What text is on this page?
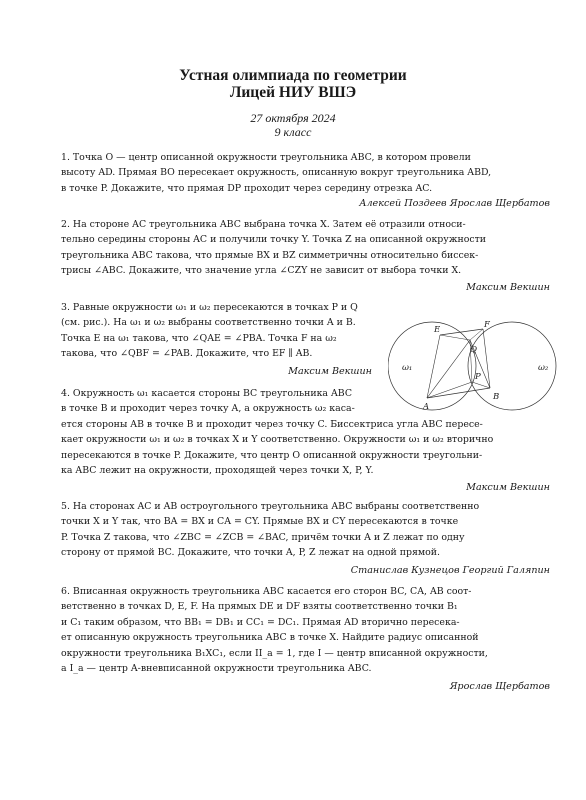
Устная олимпиада по геометрии
Лицей НИУ ВШЭ
27 октября 2024
9 класс
1. Точка O — центр описанной окружности треугольника ABC, в котором провели
высоту AD. Прямая BO пересекает окружность, описанную вокруг треугольника ABD,
в точке P. Докажите, что прямая DP проходит через середину отрезка AC.
Алексей Поздеев Ярослав Щербатов
2. На стороне AC треугольника ABC выбрана точка X. Затем её отразили относи-
тельно середины стороны AC и получили точку Y. Точка Z на описанной окружности
треугольника ABC такова, что прямые BX и BZ симметричны относительно биссек-
трисы ∠ABC. Докажите, что значение угла ∠CZY не зависит от выбора точки X.
Максим Векшин
3. Равные окружности ω₁ и ω₂ пересекаются в точках P и Q
(см. рис.). На ω₁ и ω₂ выбраны соответственно точки A и B.
Точка E на ω₁ такова, что ∠QAE = ∠PBA. Точка F на ω₂
такова, что ∠QBF = ∠PAB. Докажите, что EF ∥ AB.
Максим Векшин
E	F
Q
P
A
B
ω₁	ω₂
4. Окружность ω₁ касается стороны BC треугольника ABC
в точке B и проходит через точку A, а окружность ω₂ каса-
ется стороны AB в точке B и проходит через точку C. Биссектриса угла ABC пересе-
кает окружности ω₁ и ω₂ в точках X и Y соответственно. Окружности ω₁ и ω₂ вторично
пересекаются в точке P. Докажите, что центр O описанной окружности треугольни-
ка ABC лежит на окружности, проходящей через точки X, P, Y.
Максим Векшин
5. На сторонах AC и AB остроугольного треугольника ABC выбраны соответственно
точки X и Y так, что BA = BX и CA = CY. Прямые BX и CY пересекаются в точке
P. Точка Z такова, что ∠ZBC = ∠ZCB = ∠BAC, причём точки A и Z лежат по одну
сторону от прямой BC. Докажите, что точки A, P, Z лежат на одной прямой.
Станислав Кузнецов Георгий Галяпин
6. Вписанная окружность треугольника ABC касается его сторон BC, CA, AB соот-
ветственно в точках D, E, F. На прямых DE и DF взяты соответственно точки B₁
и C₁ таким образом, что BB₁ = DB₁ и CC₁ = DC₁. Прямая AD вторично пересека-
ет описанную окружность треугольника ABC в точке X. Найдите радиус описанной
окружности треугольника B₁XC₁, если II_a = 1, где I — центр вписанной окружности,
а I_a — центр A-вневписанной окружности треугольника ABC.
Ярослав Щербатов
